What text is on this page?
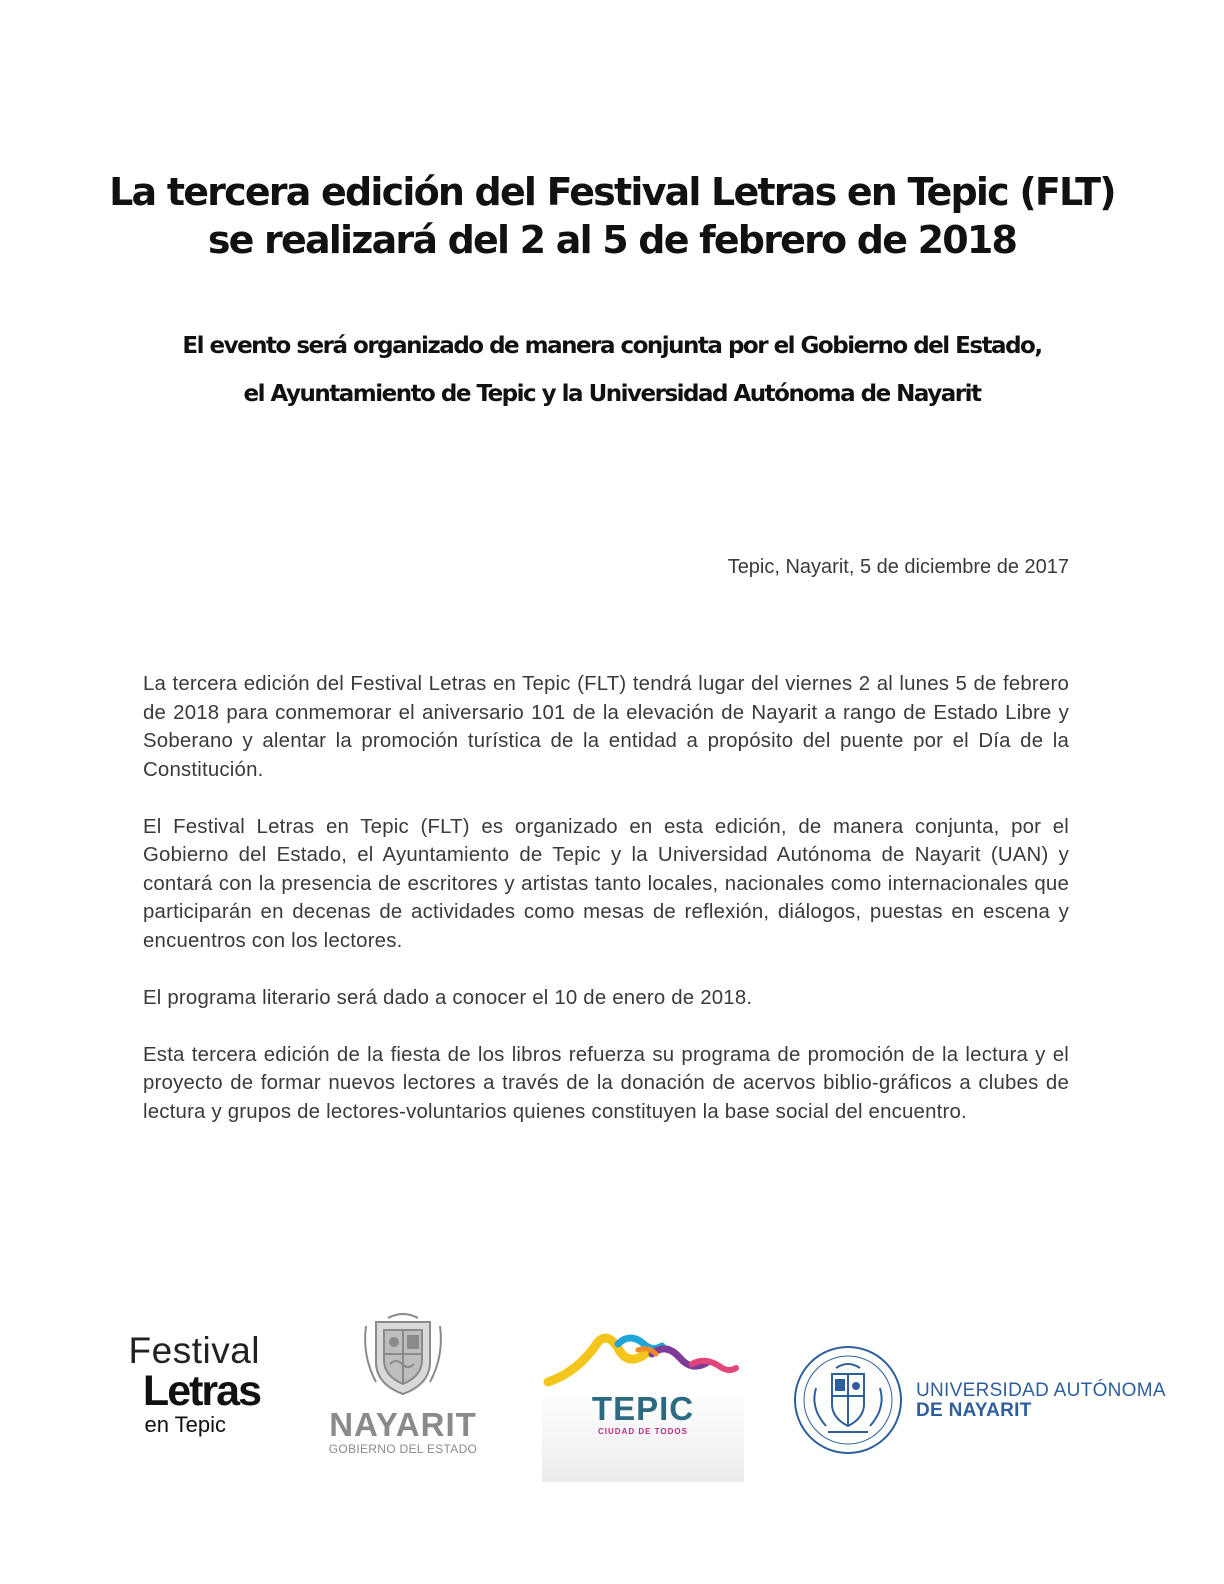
La tercera edición del Festival Letras en Tepic (FLT)
se realizará del 2 al 5 de febrero de 2018
El evento será organizado de manera conjunta por el Gobierno del Estado,
el Ayuntamiento de Tepic y la Universidad Autónoma de Nayarit
Tepic, Nayarit, 5 de diciembre de 2017

La tercera edición del Festival Letras en Tepic (FLT) tendrá lugar del viernes 2 al lunes 5 de febrero de 2018 para conmemorar el aniversario 101 de la elevación de Nayarit a rango de Estado Libre y Soberano y alentar la promoción turística de la entidad a propósito del puente por el Día de la Constitución.

El Festival Letras en Tepic (FLT) es organizado en esta edición, de manera conjunta, por el Gobierno del Estado, el Ayuntamiento de Tepic y la Universidad Autónoma de Nayarit (UAN) y contará con la presencia de escritores y artistas tanto locales, nacionales como internacionales que participarán en decenas de actividades como mesas de reflexión, diálogos, puestas en escena y encuentros con los lectores.

El programa literario será dado a conocer el 10 de enero de 2018.

Esta tercera edición de la fiesta de los libros refuerza su programa de promoción de la lectura y el proyecto de formar nuevos lectores a través de la donación de acervos biblio-gráficos a clubes de lectura y grupos de lectores-voluntarios quienes constituyen la base social del encuentro.

Festival
Letras
en Tepic	NAYARIT
GOBIERNO DEL ESTADO
TEPIC
CIUDAD DE TODOS
UNIVERSIDAD AUTÓNOMA
DE NAYARIT
